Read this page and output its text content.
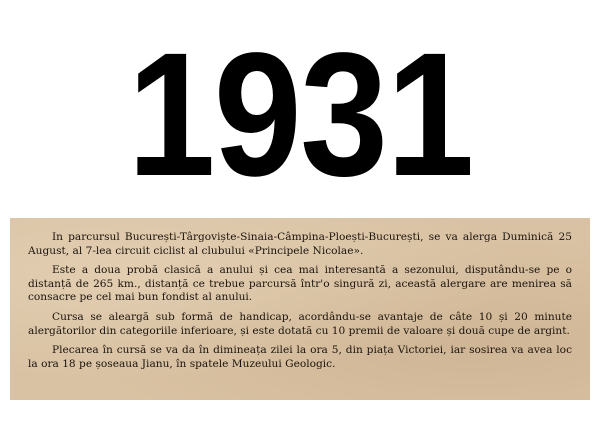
1931

In parcursul București-Târgoviște-Sinaia-Câmpina-Ploești-București, se va alerga Duminică 25 August, al 7-lea circuit ciclist al clubului «Principele Nicolae».

Este a doua probă clasică a anului și cea mai interesantă a sezonului, disputându-se pe o distanță de 265 km., distanță ce trebue parcursă într'o singură zi, această alergare are menirea să consacre pe cel mai bun fondist al anului.

Cursa se aleargă sub formă de handicap, acordându-se avantaje de câte 10 și 20 minute alergătorilor din categoriile inferioare, și este dotată cu 10 premii de valoare și două cupe de argint.

Plecarea în cursă se va da în dimineața zilei la ora 5, din piața Victoriei, iar sosirea va avea loc la ora 18 pe șoseaua Jianu, în spatele Muzeului Geologic.
